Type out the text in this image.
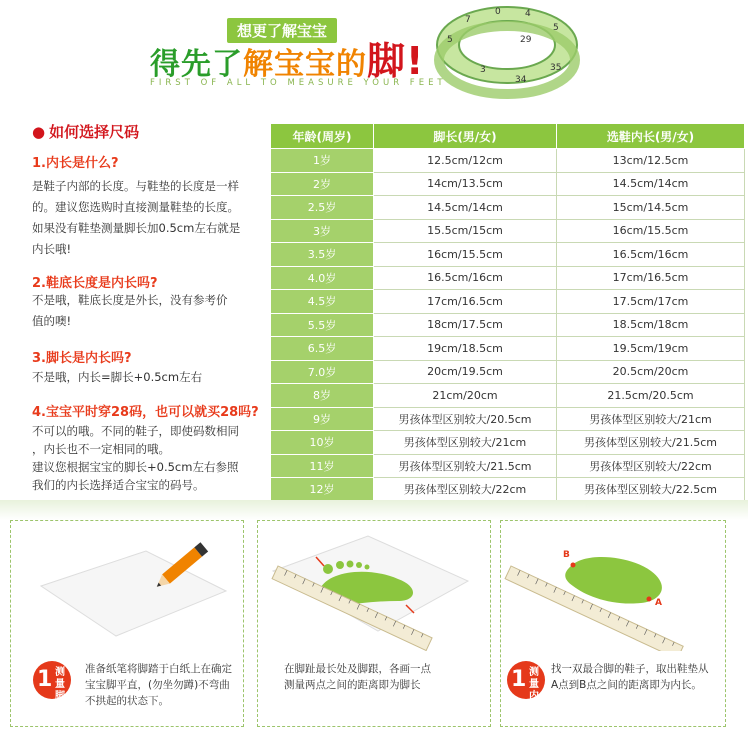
想更了解宝宝
得先了解宝宝的脚!
FIRST OF ALL TO MEASURE YOUR FEET
5
7
0	4
5
29
3
34
35
● 如何选择尺码
1.内长是什么?
是鞋子内部的长度。与鞋垫的长度是一样
的。建议您选购时直接测量鞋垫的长度。
如果没有鞋垫测量脚长加0.5cm左右就是
内长哦!
2.鞋底长度是内长吗?
不是哦，鞋底长度是外长，没有参考价
值的噢!
3.脚长是内长吗?
不是哦，内长=脚长+0.5cm左右
4.宝宝平时穿28码，也可以就买28吗?
不可以的哦。不同的鞋子，即使码数相同
，内长也不一定相同的哦。
建议您根据宝宝的脚长+0.5cm左右参照
我们的内长选择适合宝宝的码号。
年龄(周岁)	脚长(男/女)	选鞋内长(男/女)
1岁	12.5cm/12cm	13cm/12.5cm
2岁	14cm/13.5cm	14.5cm/14cm
2.5岁	14.5cm/14cm	15cm/14.5cm
3岁	15.5cm/15cm	16cm/15.5cm
3.5岁	16cm/15.5cm	16.5cm/16cm
4.0岁	16.5cm/16cm	17cm/16.5cm
4.5岁	17cm/16.5cm	17.5cm/17cm
5.5岁	18cm/17.5cm	18.5cm/18cm
6.5岁	19cm/18.5cm	19.5cm/19cm
7.0岁	20cm/19.5cm	20.5cm/20cm
8岁	21cm/20cm	21.5cm/20.5cm
9岁	男孩体型区别较大/20.5cm	男孩体型区别较大/21cm
10岁	男孩体型区别较大/21cm	男孩体型区别较大/21.5cm
11岁	男孩体型区别较大/21.5cm	男孩体型区别较大/22cm
12岁	男孩体型区别较大/22cm	男孩体型区别较大/22.5cm
1 测量脚长
准备纸笔将脚踏于白纸上在确定
宝宝脚平直，(勿坐勿蹲)不弯曲
不拱起的状态下。
在脚趾最长处及脚跟，各画一点
测量两点之间的距离即为脚长
B
A
1 测量内长
找一双最合脚的鞋子，取出鞋垫从
A点到B点之间的距离即为内长。
